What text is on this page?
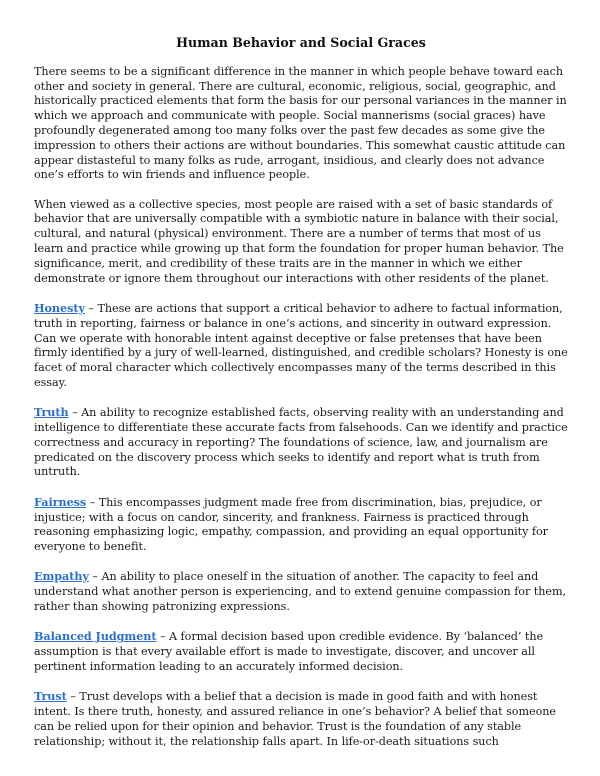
Human Behavior and Social Graces

There seems to be a significant difference in the manner in which people behave toward each other and society in general. There are cultural, economic, religious, social, geographic, and historically practiced elements that form the basis for our personal variances in the manner in which we approach and communicate with people. Social mannerisms (social graces) have profoundly degenerated among too many folks over the past few decades as some give the impression to others their actions are without boundaries. This somewhat caustic attitude can appear distasteful to many folks as rude, arrogant, insidious, and clearly does not advance one’s efforts to win friends and influence people.

When viewed as a collective species, most people are raised with a set of basic standards of behavior that are universally compatible with a symbiotic nature in balance with their social, cultural, and natural (physical) environment. There are a number of terms that most of us learn and practice while growing up that form the foundation for proper human behavior. The significance, merit, and credibility of these traits are in the manner in which we either demonstrate or ignore them throughout our interactions with other residents of the planet.

Honesty – These are actions that support a critical behavior to adhere to factual information, truth in reporting, fairness or balance in one’s actions, and sincerity in outward expression. Can we operate with honorable intent against deceptive or false pretenses that have been firmly identified by a jury of well-learned, distinguished, and credible scholars? Honesty is one facet of moral character which collectively encompasses many of the terms described in this essay.

Truth – An ability to recognize established facts, observing reality with an understanding and intelligence to differentiate these accurate facts from falsehoods. Can we identify and practice correctness and accuracy in reporting? The foundations of science, law, and journalism are predicated on the discovery process which seeks to identify and report what is truth from untruth.

Fairness – This encompasses judgment made free from discrimination, bias, prejudice, or injustice; with a focus on candor, sincerity, and frankness. Fairness is practiced through reasoning emphasizing logic, empathy, compassion, and providing an equal opportunity for everyone to benefit.

Empathy – An ability to place oneself in the situation of another. The capacity to feel and understand what another person is experiencing, and to extend genuine compassion for them, rather than showing patronizing expressions.

Balanced Judgment – A formal decision based upon credible evidence. By ‘balanced’ the assumption is that every available effort is made to investigate, discover, and uncover all pertinent information leading to an accurately informed decision.

Trust – Trust develops with a belief that a decision is made in good faith and with honest intent. Is there truth, honesty, and assured reliance in one’s behavior? A belief that someone can be relied upon for their opinion and behavior. Trust is the foundation of any stable relationship; without it, the relationship falls apart. In life-or-death situations such
